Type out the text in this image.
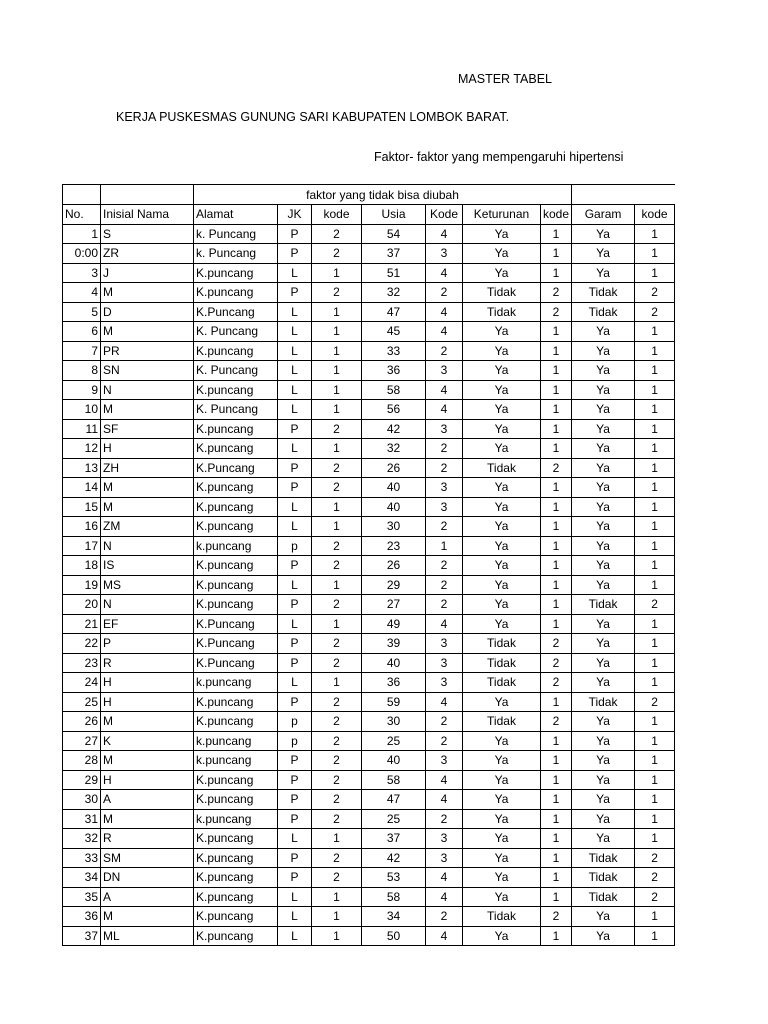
MASTER TABEL
KERJA PUSKESMAS GUNUNG SARI KABUPATEN LOMBOK BARAT.
Faktor- faktor yang mempengaruhi hipertensi
		faktor yang tidak bisa diubah								
No.	Inisial Nama	Alamat	JK	kode	Usia	Kode	Keturunan	kode	Garam	kode
1	S	k. Puncang	P	2	54	4	Ya	1	Ya	1
0:00	ZR	k. Puncang	P	2	37	3	Ya	1	Ya	1
3	J	K.puncang	L	1	51	4	Ya	1	Ya	1
4	M	K.puncang	P	2	32	2	Tidak	2	Tidak	2
5	D	K.Puncang	L	1	47	4	Tidak	2	Tidak	2
6	M	K. Puncang	L	1	45	4	Ya	1	Ya	1
7	PR	K.puncang	L	1	33	2	Ya	1	Ya	1
8	SN	K. Puncang	L	1	36	3	Ya	1	Ya	1
9	N	K.puncang	L	1	58	4	Ya	1	Ya	1
10	M	K. Puncang	L	1	56	4	Ya	1	Ya	1
11	SF	K.puncang	P	2	42	3	Ya	1	Ya	1
12	H	K.puncang	L	1	32	2	Ya	1	Ya	1
13	ZH	K.Puncang	P	2	26	2	Tidak	2	Ya	1
14	M	K.puncang	P	2	40	3	Ya	1	Ya	1
15	M	K.puncang	L	1	40	3	Ya	1	Ya	1
16	ZM	K.puncang	L	1	30	2	Ya	1	Ya	1
17	N	k.puncang	p	2	23	1	Ya	1	Ya	1
18	IS	K.puncang	P	2	26	2	Ya	1	Ya	1
19	MS	K.puncang	L	1	29	2	Ya	1	Ya	1
20	N	K.puncang	P	2	27	2	Ya	1	Tidak	2
21	EF	K.Puncang	L	1	49	4	Ya	1	Ya	1
22	P	K.Puncang	P	2	39	3	Tidak	2	Ya	1
23	R	K.Puncang	P	2	40	3	Tidak	2	Ya	1
24	H	k.puncang	L	1	36	3	Tidak	2	Ya	1
25	H	K.puncang	P	2	59	4	Ya	1	Tidak	2
26	M	K.puncang	p	2	30	2	Tidak	2	Ya	1
27	K	k.puncang	p	2	25	2	Ya	1	Ya	1
28	M	k.puncang	P	2	40	3	Ya	1	Ya	1
29	H	K.puncang	P	2	58	4	Ya	1	Ya	1
30	A	K.puncang	P	2	47	4	Ya	1	Ya	1
31	M	k.puncang	P	2	25	2	Ya	1	Ya	1
32	R	K.puncang	L	1	37	3	Ya	1	Ya	1
33	SM	K.puncang	P	2	42	3	Ya	1	Tidak	2
34	DN	K.puncang	P	2	53	4	Ya	1	Tidak	2
35	A	K.puncang	L	1	58	4	Ya	1	Tidak	2
36	M	K.puncang	L	1	34	2	Tidak	2	Ya	1
37	ML	K.puncang	L	1	50	4	Ya	1	Ya	1
